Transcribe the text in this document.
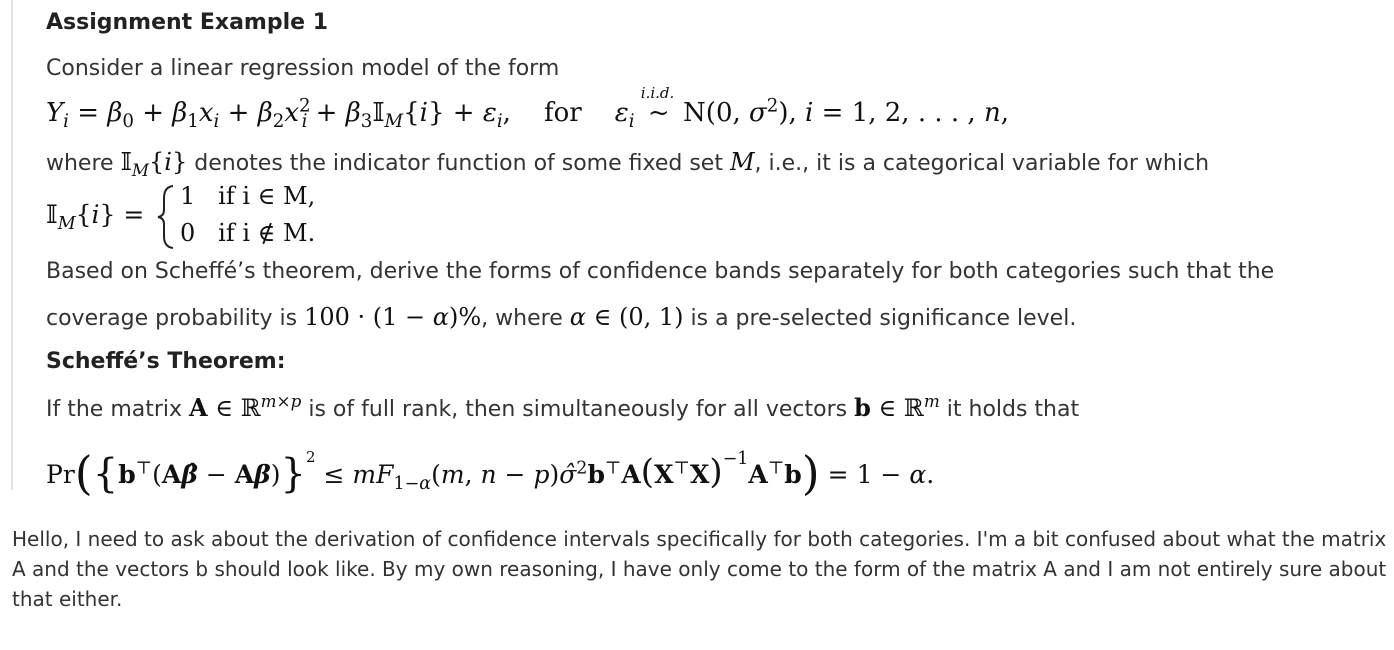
Assignment Example 1
Consider a linear regression model of the form
$Y_i = \beta_0 + \beta_1x_i + \beta_2x^2_i$ + $\beta_3𝕀_M\{i\} + \varepsilon_i$,    for $\varepsilon_i$
i.i.d.
~ N(0, $\sigma^2$), i = 1, 2, . . . , n,
where 𝕀$_M${i} denotes the indicator function of some fixed set M, i.e., it is a categorical variable for which
𝕀$_M${i} =
1   if i ∈ M,
0   if i ∉ M.
Based on Scheffé’s theorem, derive the forms of confidence bands separately for both categories such that the
coverage probability is 100 · (1 − α)%, where α ∈ (0, 1) is a pre-selected significance level.
Scheffé’s Theorem:
If the matrix A ∈ ℝ$^{m\times p}$ is of full rank, then simultaneously for all vectors b ∈ ℝ$^m$ it holds that
Pr({b⊤(Aβ̂ − $A\beta)\}^2 \le mF_{1-\alpha}(m$, $n - p)\sigmâ^2b^⊤A(X^⊤X)^{-1}A^⊤b) = 1 - \alpha$.
Hello, I need to ask about the derivation of confidence intervals specifically for both categories. I'm a bit confused about what the matrix A and the vectors b should look like. By my own reasoning, I have only come to the form of the matrix A and I am not entirely sure about that either.
